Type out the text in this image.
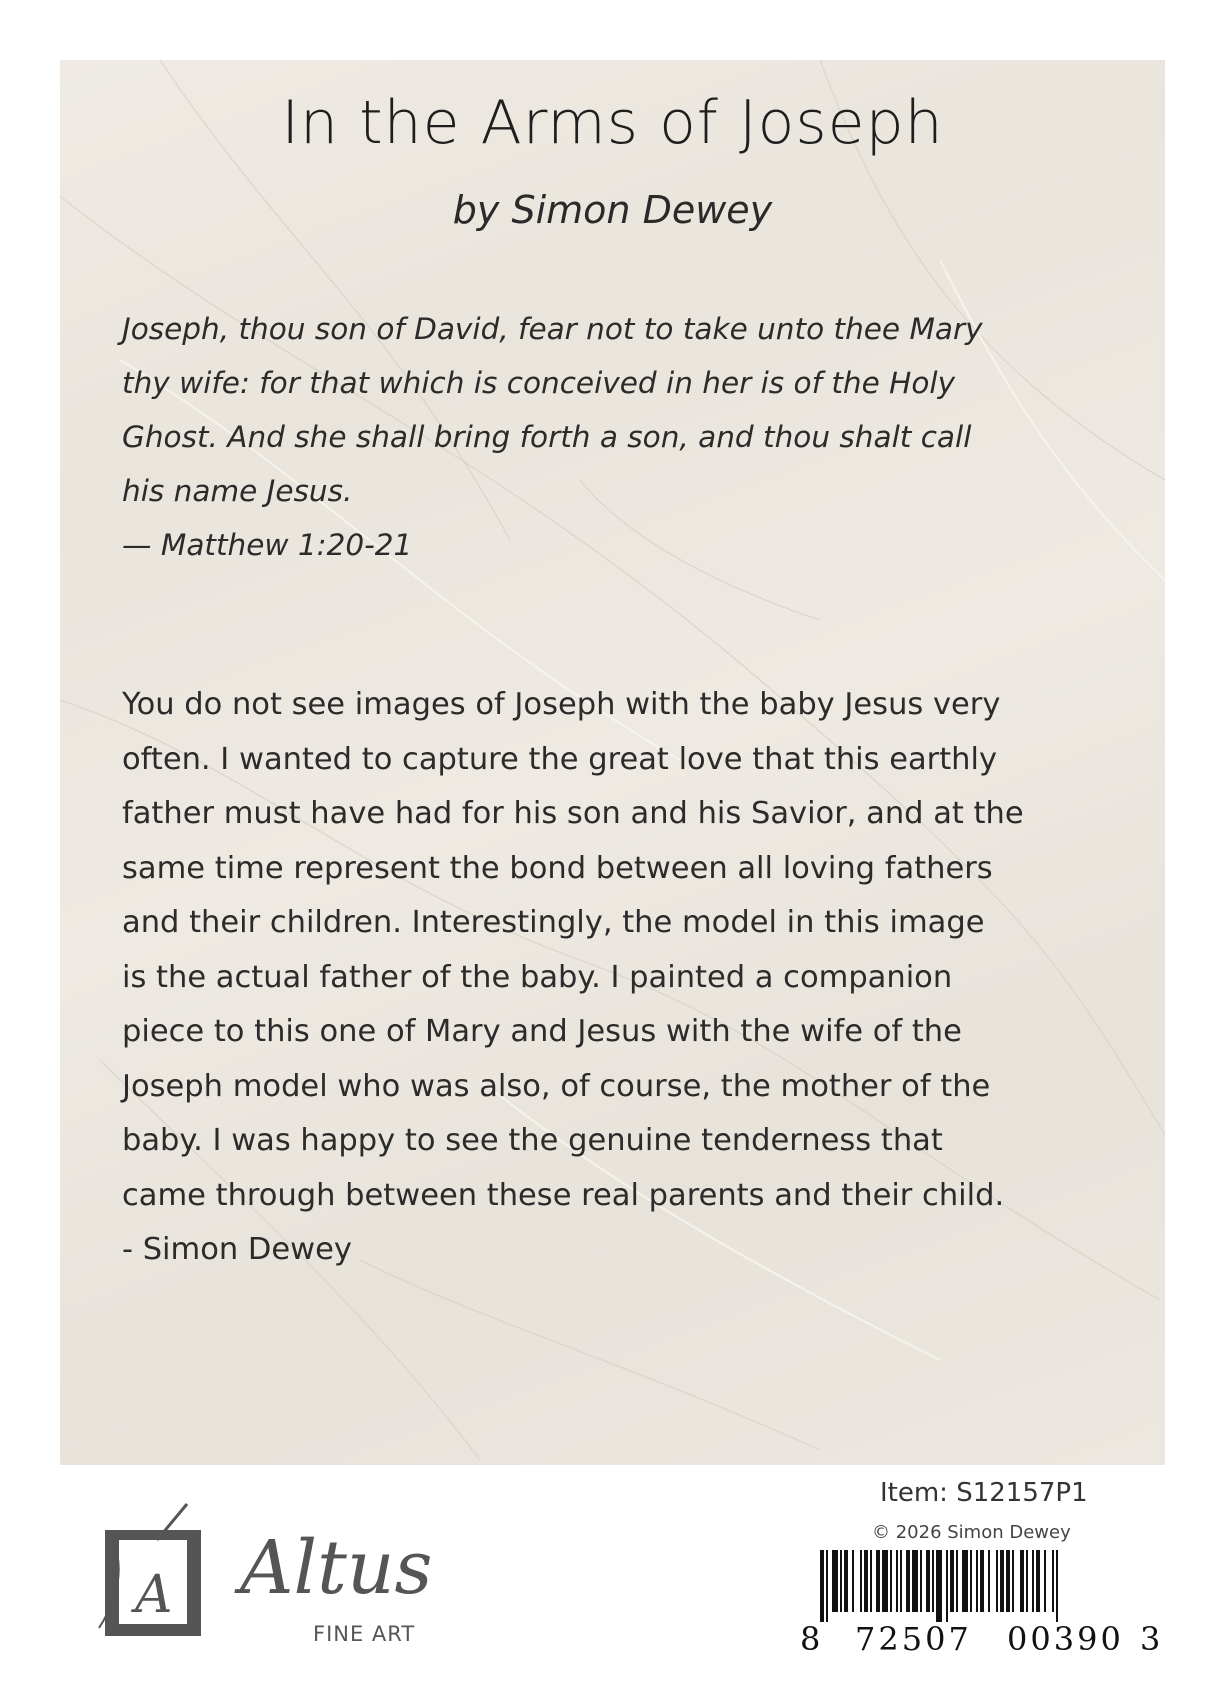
In the Arms of Joseph
by Simon Dewey
Joseph, thou son of David, fear not to take unto thee Mary
thy wife: for that which is conceived in her is of the Holy
Ghost. And she shall bring forth a son, and thou shalt call
his name Jesus.
— Matthew 1:20-21
You do not see images of Joseph with the baby Jesus very
often. I wanted to capture the great love that this earthly
father must have had for his son and his Savior, and at the
same time represent the bond between all loving fathers
and their children. Interestingly, the model in this image
is the actual father of the baby. I painted a companion
piece to this one of Mary and Jesus with the wife of the
Joseph model who was also, of course, the mother of the
baby. I was happy to see the genuine tenderness that
came through between these real parents and their child.
- Simon Dewey
A Altus
FINE ART
Item: S12157P1
© 2026 Simon Dewey
8 72507 00390 3
